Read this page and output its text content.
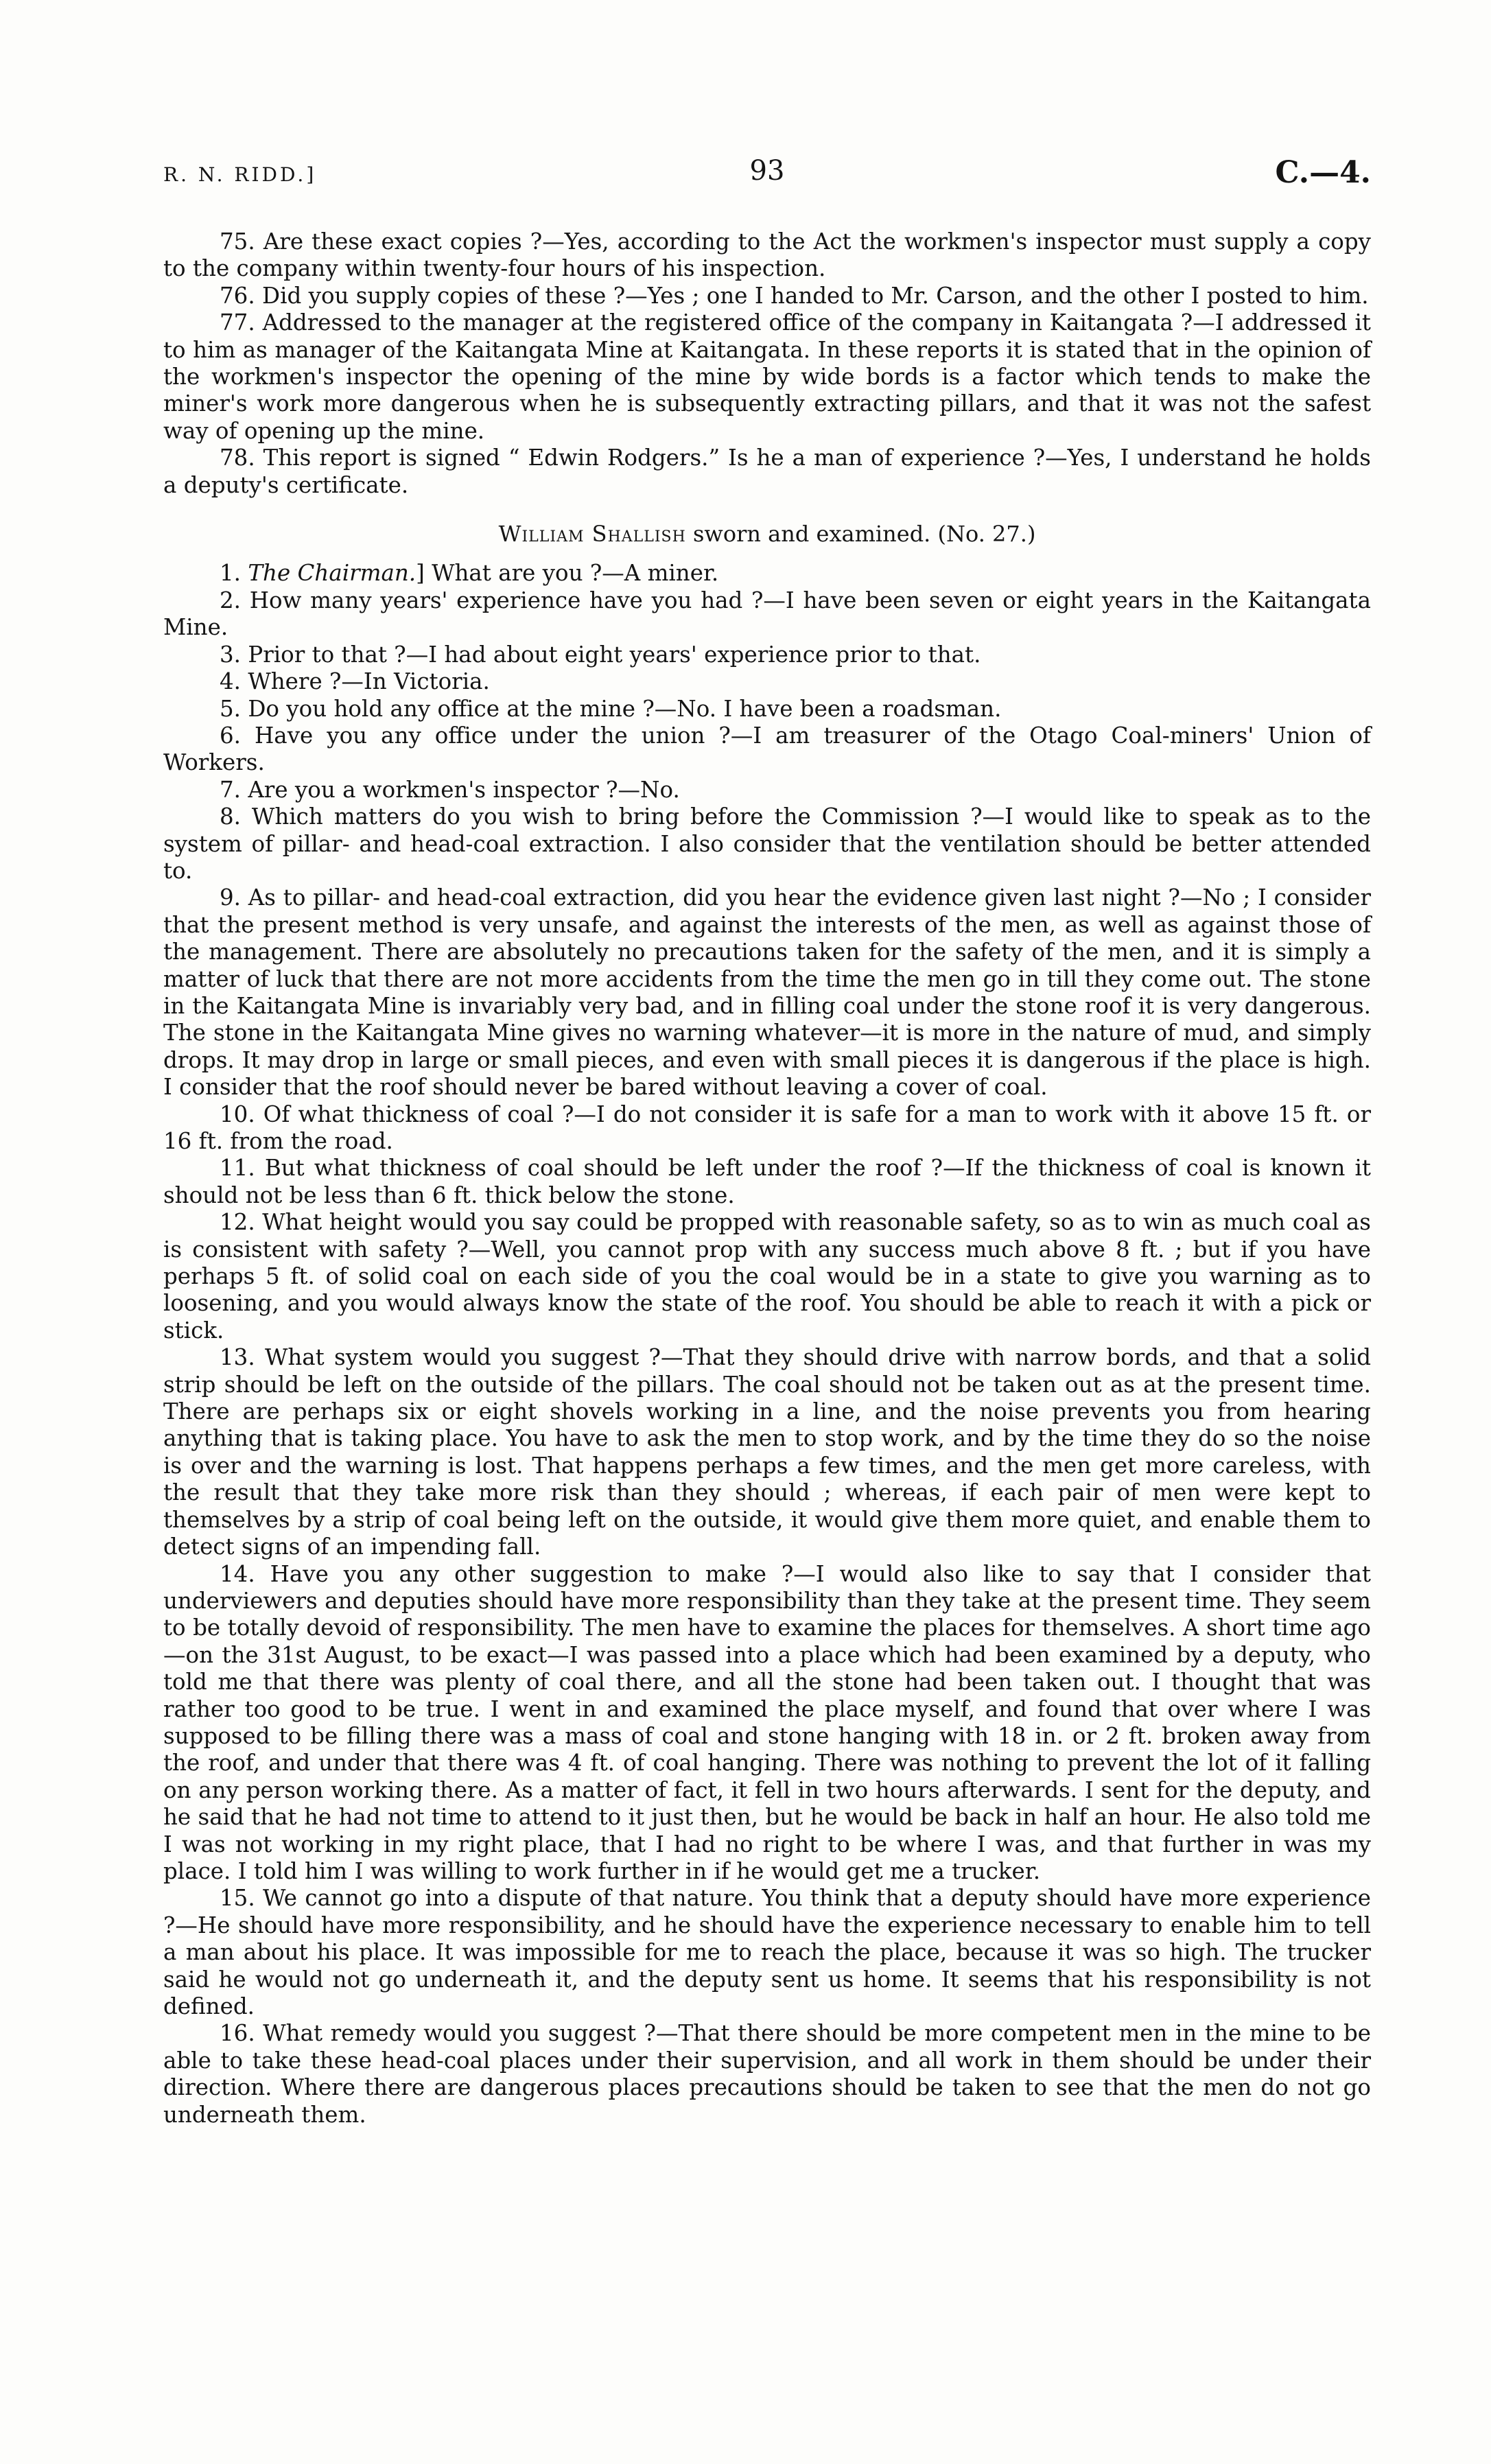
R. N. RIDD.]	93	C.—4.

75. Are these exact copies ?—Yes, according to the Act the workmen's inspector must supply a copy to the company within twenty-four hours of his inspection.

76. Did you supply copies of these ?—Yes ; one I handed to Mr. Carson, and the other I posted to him.

77. Addressed to the manager at the registered office of the company in Kaitangata ?—I addressed it to him as manager of the Kaitangata Mine at Kaitangata. In these reports it is stated that in the opinion of the workmen's inspector the opening of the mine by wide bords is a factor which tends to make the miner's work more dangerous when he is subsequently extracting pillars, and that it was not the safest way of opening up the mine.

78. This report is signed “ Edwin Rodgers.” Is he a man of experience ?—Yes, I understand he holds a deputy's certificate.

William Shallish sworn and examined. (No. 27.)

1. The Chairman.] What are you ?—A miner.

2. How many years' experience have you had ?—I have been seven or eight years in the Kaitangata Mine.

3. Prior to that ?—I had about eight years' experience prior to that.

4. Where ?—In Victoria.

5. Do you hold any office at the mine ?—No. I have been a roadsman.

6. Have you any office under the union ?—I am treasurer of the Otago Coal-miners' Union of Workers.

7. Are you a workmen's inspector ?—No.

8. Which matters do you wish to bring before the Commission ?—I would like to speak as to the system of pillar- and head-coal extraction. I also consider that the ventilation should be better attended to.

9. As to pillar- and head-coal extraction, did you hear the evidence given last night ?—No ; I consider that the present method is very unsafe, and against the interests of the men, as well as against those of the management. There are absolutely no precautions taken for the safety of the men, and it is simply a matter of luck that there are not more accidents from the time the men go in till they come out. The stone in the Kaitangata Mine is invariably very bad, and in filling coal under the stone roof it is very dangerous. The stone in the Kaitangata Mine gives no warning whatever—it is more in the nature of mud, and simply drops. It may drop in large or small pieces, and even with small pieces it is dangerous if the place is high. I consider that the roof should never be bared without leaving a cover of coal.

10. Of what thickness of coal ?—I do not consider it is safe for a man to work with it above 15 ft. or 16 ft. from the road.

11. But what thickness of coal should be left under the roof ?—If the thickness of coal is known it should not be less than 6 ft. thick below the stone.

12. What height would you say could be propped with reasonable safety, so as to win as much coal as is consistent with safety ?—Well, you cannot prop with any success much above 8 ft. ; but if you have perhaps 5 ft. of solid coal on each side of you the coal would be in a state to give you warning as to loosening, and you would always know the state of the roof. You should be able to reach it with a pick or stick.

13. What system would you suggest ?—That they should drive with narrow bords, and that a solid strip should be left on the outside of the pillars. The coal should not be taken out as at the present time. There are perhaps six or eight shovels working in a line, and the noise prevents you from hearing anything that is taking place. You have to ask the men to stop work, and by the time they do so the noise is over and the warning is lost. That happens perhaps a few times, and the men get more careless, with the result that they take more risk than they should ; whereas, if each pair of men were kept to themselves by a strip of coal being left on the outside, it would give them more quiet, and enable them to detect signs of an impending fall.

14. Have you any other suggestion to make ?—I would also like to say that I consider that underviewers and deputies should have more responsibility than they take at the present time. They seem to be totally devoid of responsibility. The men have to examine the places for themselves. A short time ago—on the 31st August, to be exact—I was passed into a place which had been examined by a deputy, who told me that there was plenty of coal there, and all the stone had been taken out. I thought that was rather too good to be true. I went in and examined the place myself, and found that over where I was supposed to be filling there was a mass of coal and stone hanging with 18 in. or 2 ft. broken away from the roof, and under that there was 4 ft. of coal hanging. There was nothing to prevent the lot of it falling on any person working there. As a matter of fact, it fell in two hours afterwards. I sent for the deputy, and he said that he had not time to attend to it just then, but he would be back in half an hour. He also told me I was not working in my right place, that I had no right to be where I was, and that further in was my place. I told him I was willing to work further in if he would get me a trucker.

15. We cannot go into a dispute of that nature. You think that a deputy should have more experience ?—He should have more responsibility, and he should have the experience necessary to enable him to tell a man about his place. It was impossible for me to reach the place, because it was so high. The trucker said he would not go underneath it, and the deputy sent us home. It seems that his responsibility is not defined.

16. What remedy would you suggest ?—That there should be more competent men in the mine to be able to take these head-coal places under their supervision, and all work in them should be under their direction. Where there are dangerous places precautions should be taken to see that the men do not go underneath them.
